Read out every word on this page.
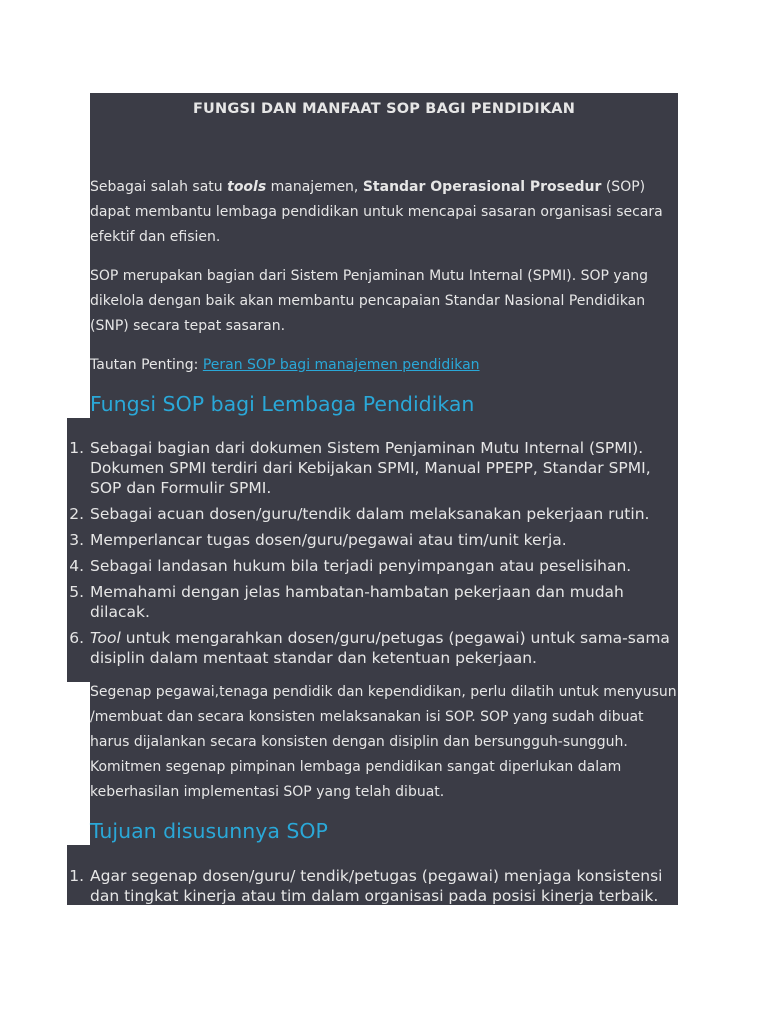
FUNGSI DAN MANFAAT SOP BAGI PENDIDIKAN
Sebagai salah satu tools manajemen, Standar Operasional Prosedur (SOP) dapat membantu lembaga pendidikan untuk mencapai sasaran organisasi secara efektif dan efisien.
SOP merupakan bagian dari Sistem Penjaminan Mutu Internal (SPMI). SOP yang dikelola dengan baik akan membantu pencapaian Standar Nasional Pendidikan (SNP) secara tepat sasaran.
Tautan Penting: Peran SOP bagi manajemen pendidikan
Fungsi SOP bagi Lembaga Pendidikan
1. Sebagai bagian dari dokumen Sistem Penjaminan Mutu Internal (SPMI). Dokumen SPMI terdiri dari Kebijakan SPMI, Manual PPEPP, Standar SPMI, SOP dan Formulir SPMI.
2. Sebagai acuan dosen/guru/tendik dalam melaksanakan pekerjaan rutin.
3. Memperlancar tugas dosen/guru/pegawai atau tim/unit kerja.
4. Sebagai landasan hukum bila terjadi penyimpangan atau peselisihan.
5. Memahami dengan jelas hambatan-hambatan pekerjaan dan mudah dilacak.
6. Tool untuk mengarahkan dosen/guru/petugas (pegawai) untuk sama-sama disiplin dalam mentaat standar dan ketentuan pekerjaan.
Segenap pegawai,tenaga pendidik dan kependidikan, perlu dilatih untuk menyusun /membuat dan secara konsisten melaksanakan isi SOP. SOP yang sudah dibuat harus dijalankan secara konsisten dengan disiplin dan bersungguh-sungguh. Komitmen segenap pimpinan lembaga pendidikan sangat diperlukan dalam keberhasilan implementasi SOP yang telah dibuat.
Tujuan disusunnya SOP
1. Agar segenap dosen/guru/ tendik/petugas (pegawai) menjaga konsistensi dan tingkat kinerja atau tim dalam organisasi pada posisi kinerja terbaik.
